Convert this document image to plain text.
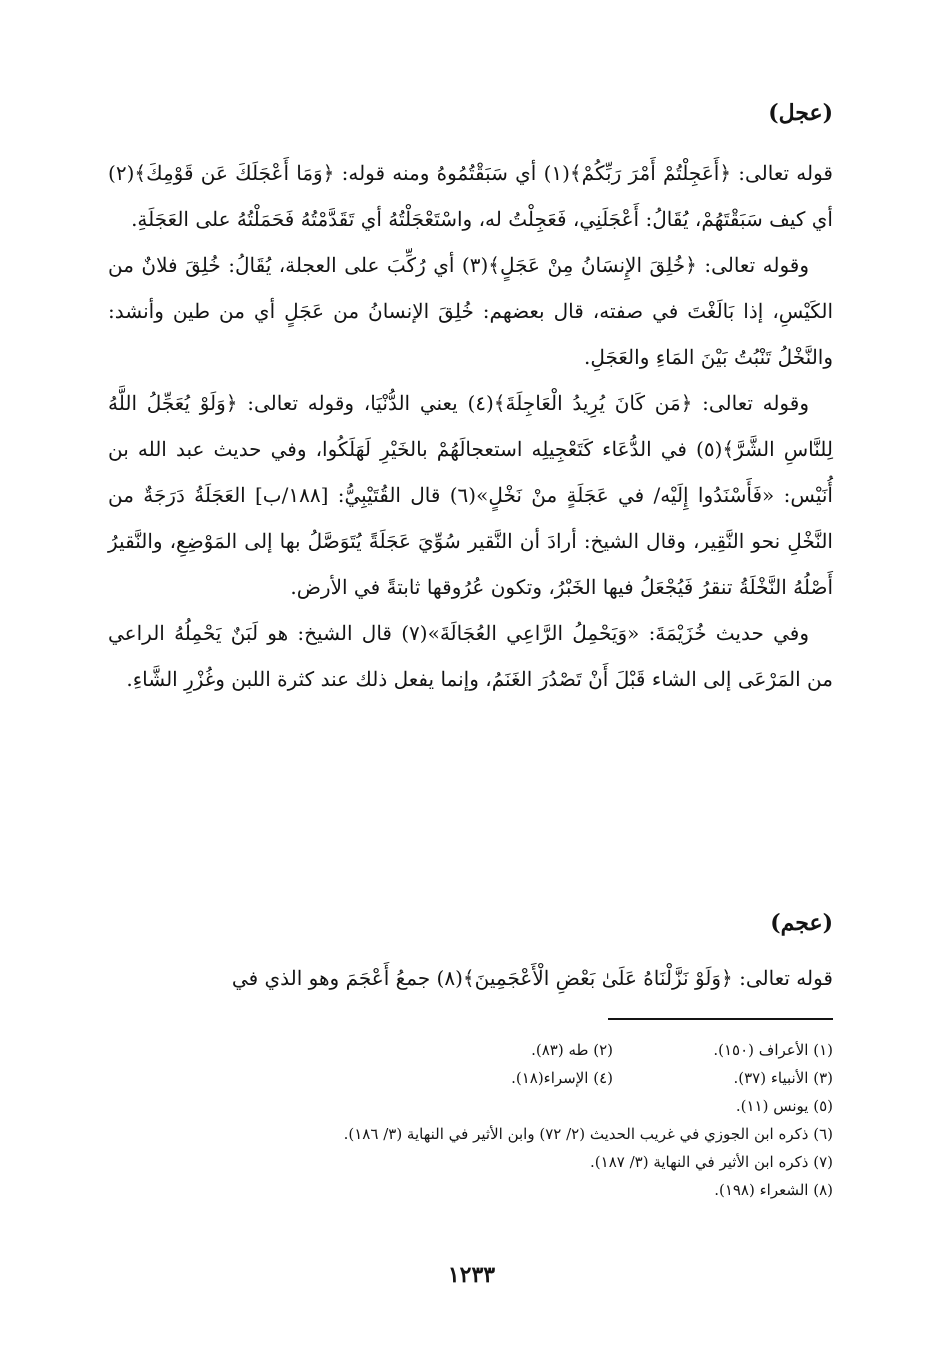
(عجل)

قوله تعالى: ﴿أَعَجِلْتُمْ أَمْرَ رَبِّكُمْ﴾(١) أي سَبَقْتُمُوهُ ومنه قوله: ﴿وَمَا أَعْجَلَكَ عَن قَوْمِكَ﴾(٢) أي كيف سَبَقْتَهُمْ، يُقَالُ: أَعْجَلَنِي، فَعَجِلْتُ له، واسْتَعْجَلْتُهُ أي تَقَدَّمْتُهُ فَحَمَلْتُهُ على العَجَلَةِ.

وقوله تعالى: ﴿خُلِقَ الإِنسَانُ مِنْ عَجَلٍ﴾(٣) أي رُكِّبَ على العجلة، يُقَالُ: خُلِقَ فلانٌ من الكَيْسِ، إذا بَالَغْتَ في صفته، قال بعضهم: خُلِقَ الإنسانُ من عَجَلٍ أي من طين وأنشد: والنَّخْلُ تَنْبُتُ بَيْنَ المَاءِ والعَجَلِ.

وقوله تعالى: ﴿مَن كَانَ يُرِيدُ الْعَاجِلَةَ﴾(٤) يعني الدُّنْيَا، وقوله تعالى: ﴿وَلَوْ يُعَجِّلُ اللَّهُ لِلنَّاسِ الشَّرَّ﴾(٥) في الدُّعَاء كَتَعْجِيلِه استعجالَهُمْ بالخَيْرِ لَهَلَكُوا، وفي حديث عبد الله بن أُنَيْس: «فَأَسْنَدُوا إِلَيْه/ في عَجَلَةٍ منْ نَخْلٍ»(٦) قال القُتَيْبِيُّ: [١٨٨/ب] العَجَلَةُ دَرَجَةٌ من النَّخْلِ نحو النَّقِير، وقال الشيخ: أرادَ أن النَّقير سُوِّيَ عَجَلَةً يُتَوَصَّلُ بها إلى المَوْضِعِ، والنَّقيرُ أَصْلُهُ النَّخْلَةُ تنقرُ فَيُجْعَلُ فيها الخَبْرُ، وتكون عُرُوقها ثابتةً في الأرض.

وفي حديث خُزَيْمَةَ: «وَيَحْمِلُ الرَّاعِي العُجَالَةَ»(٧) قال الشيخ: هو لَبَنٌ يَحْمِلُهُ الراعي من المَرْعَى إلى الشاء قَبْلَ أَنْ تَصْدُرَ الغَنَمُ، وإنما يفعل ذلك عند كثرة اللبن وغُزْرِ الشَّاءِ.

(عجم)

قوله تعالى: ﴿وَلَوْ نَزَّلْنَاهُ عَلَىٰ بَعْضِ الْأَعْجَمِينَ﴾(٨) جمعُ أَعْجَمَ وهو الذي في

(١) الأعراف (١٥٠).
(٢) طه (٨٣).
(٣) الأنبياء (٣٧).
(٤) الإسراء(١٨).
(٥) يونس (١١).
(٦) ذكره ابن الجوزي في غريب الحديث (٢/ ٧٢) وابن الأثير في النهاية (٣/ ١٨٦).
(٧) ذكره ابن الأثير في النهاية (٣/ ١٨٧).
(٨) الشعراء (١٩٨).
١٢٣٣
